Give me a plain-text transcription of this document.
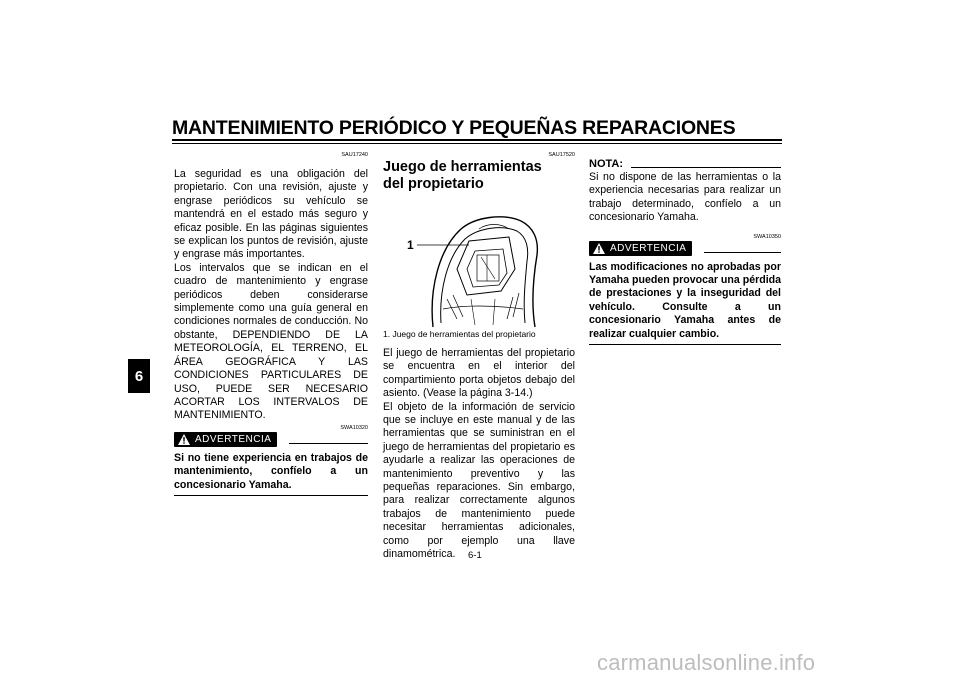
MANTENIMIENTO PERIÓDICO Y PEQUEÑAS REPARACIONES
6
SAU17240

La seguridad es una obligación del propietario. Con una revisión, ajuste y engrase periódicos su vehículo se mantendrá en el estado más seguro y eficaz posible. En las páginas siguientes se explican los puntos de revisión, ajuste y engrase más importantes.

Los intervalos que se indican en el cuadro de mantenimiento y engrase periódicos deben considerarse simplemente como una guía general en condiciones normales de conducción. No obstante, DEPENDIENDO DE LA METEOROLOGÍA, EL TERRENO, EL ÁREA GEOGRÁFICA Y LAS CONDICIONES PARTICULARES DE USO, PUEDE SER NECESARIO ACORTAR LOS INTERVALOS DE MANTENIMIENTO.

SWA10320
ADVERTENCIA
Si no tiene experiencia en trabajos de mantenimiento, confíelo a un concesionario Yamaha.
SAU17520
Juego de herramientas del propietario
1
1. Juego de herramientas del propietario

El juego de herramientas del propietario se encuentra en el interior del compartimiento porta objetos debajo del asiento. (Vease la página 3-14.)

El objeto de la información de servicio que se incluye en este manual y de las herramientas que se suministran en el juego de herramientas del propietario es ayudarle a realizar las operaciones de mantenimiento preventivo y las pequeñas reparaciones. Sin embargo, para realizar correctamente algunos trabajos de mantenimiento puede necesitar herramientas adicionales, como por ejemplo una llave dinamométrica.

NOTA:
Si no dispone de las herramientas o la experiencia necesarias para realizar un trabajo determinado, confíelo a un concesionario Yamaha.
SWA10350
ADVERTENCIA
Las modificaciones no aprobadas por Yamaha pueden provocar una pérdida de prestaciones y la inseguridad del vehículo. Consulte a un concesionario Yamaha antes de realizar cualquier cambio.
6-1
carmanualsonline.info
